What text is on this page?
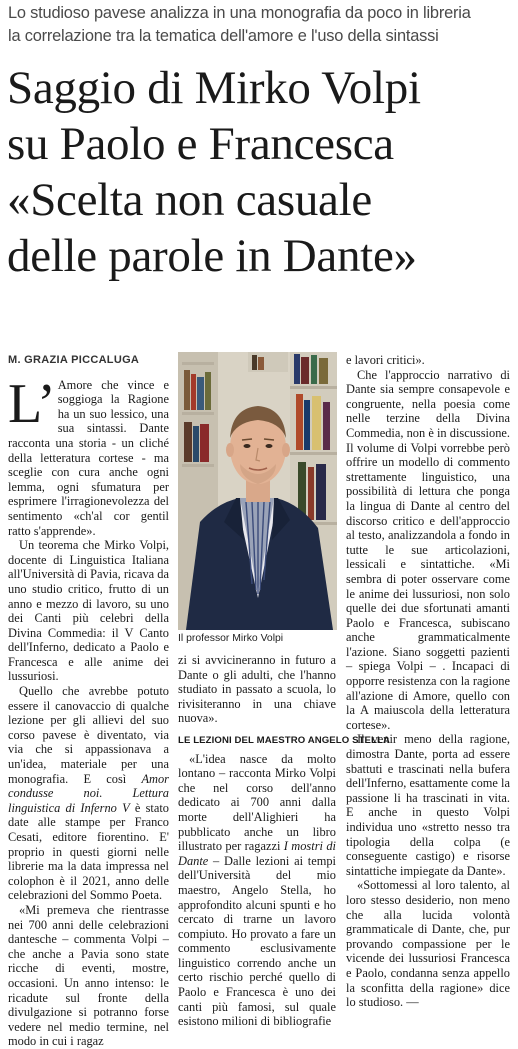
Lo studioso pavese analizza in una monografia da poco in libreria
la correlazione tra la tematica dell'amore e l'uso della sintassi
Saggio di Mirko Volpi
su Paolo e Francesca
«Scelta non casuale
delle parole in Dante»
M. GRAZIA PICCALUGA

L’ Amore che vince e soggioga la Ragione ha un suo lessico, una sua sintassi. Dante racconta una storia - un cliché della letteratura cortese - ma sceglie con cura anche ogni lemma, ogni sfumatura per esprimere l'irragionevolezza del sentimento «ch'al cor gentil ratto s'apprende».

Un teorema che Mirko Volpi, docente di Linguistica Italiana all'Università di Pavia, ricava da uno studio critico, frutto di un anno e mezzo di lavoro, su uno dei Canti più celebri della Divina Commedia: il V Canto dell'Inferno, dedicato a Paolo e Francesca e alle anime dei lussuriosi.

Quello che avrebbe potuto essere il canovaccio di qualche lezione per gli allievi del suo corso pavese è diventato, via via che si appassionava a un'idea, materiale per una monografia. E così Amor condusse noi. Lettura linguistica di Inferno V è stato date alle stampe per Franco Cesati, editore fiorentino. E' proprio in questi giorni nelle librerie ma la data impressa nel colophon è il 2021, anno delle celebrazioni del Sommo Poeta.

«Mi premeva che rientrasse nei 700 anni delle celebrazioni dantesche – commenta Volpi – che anche a Pavia sono state ricche di eventi, mostre, occasioni. Un anno intenso: le ricadute sul fronte della divulgazione si potranno forse vedere nel medio termine, nel modo in cui i ragaz

Il professor Mirko Volpi

zi si avvicineranno in futuro a Dante o gli adulti, che l'hanno studiato in passato a scuola, lo rivisiteranno in una chiave nuova».

LE LEZIONI DEL MAESTRO ANGELO STELLA

«L'idea nasce da molto lontano – racconta Mirko Volpi che nel corso dell'anno dedicato ai 700 anni dalla morte dell'Alighieri ha pubblicato anche un libro illustrato per ragazzi I mostri di Dante – Dalle lezioni ai tempi dell'Università del mio maestro, Angelo Stella, ho approfondito alcuni spunti e ho cercato di trarne un lavoro compiuto. Ho provato a fare un commento esclusivamente linguistico correndo anche un certo rischio perché quello di Paolo e Francesca è uno dei canti più famosi, sul quale esistono milioni di bibliografie

e lavori critici».

Che l'approccio narrativo di Dante sia sempre consapevole e congruente, nella poesia come nelle terzine della Divina Commedia, non è in discussione. Il volume di Volpi vorrebbe però offrire un modello di commento strettamente linguistico, una possibilità di lettura che ponga la lingua di Dante al centro del discorso critico e dell'approccio al testo, analizzandola a fondo in tutte le sue articolazioni, lessicali e sintattiche. «Mi sembra di poter osservare come le anime dei lussuriosi, non solo quelle dei due sfortunati amanti Paolo e Francesca, subiscano anche grammaticalmente l'azione. Siano soggetti pazienti – spiega Volpi – . Incapaci di opporre resistenza con la ragione all'azione di Amore, quello con la A maiuscola della letteratura cortese».

Il venir meno della ragione, dimostra Dante, porta ad essere sbattuti e trascinati nella bufera dell'Inferno, esattamente come la passione li ha trascinati in vita. E anche in questo Volpi individua uno «stretto nesso tra tipologia della colpa (e conseguente castigo) e risorse sintattiche impiegate da Dante».

«Sottomessi al loro talento, al loro stesso desiderio, non meno che alla lucida volontà grammaticale di Dante, che, pur provando compassione per le vicende dei lussuriosi Francesca e Paolo, condanna senza appello la sconfitta della ragione» dice lo studioso. —
